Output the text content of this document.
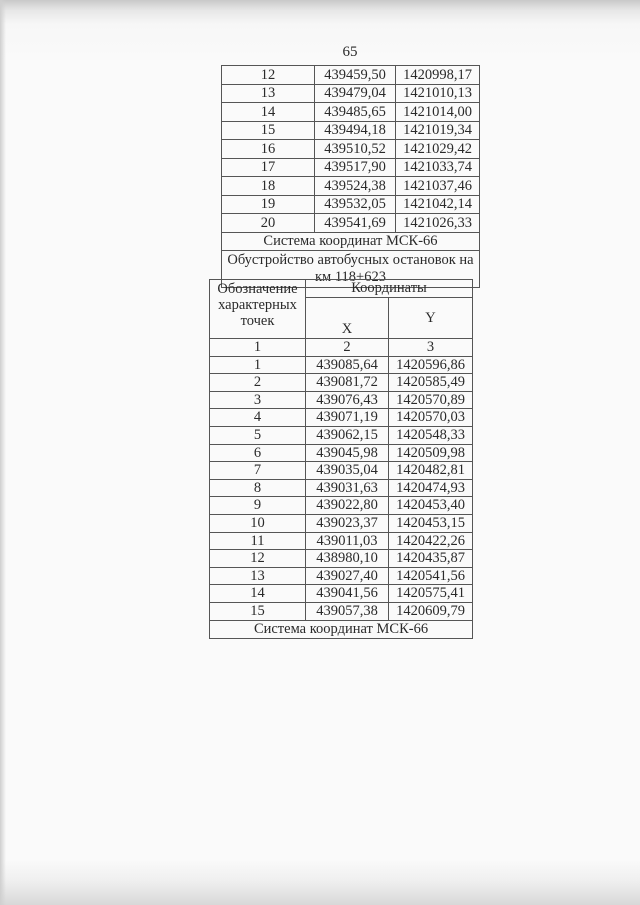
65
12	439459,50	1420998,17
13	439479,04	1421010,13
14	439485,65	1421014,00
15	439494,18	1421019,34
16	439510,52	1421029,42
17	439517,90	1421033,74
18	439524,38	1421037,46
19	439532,05	1421042,14
20	439541,69	1421026,33
Система координат МСК-66		
Обустройство автобусных остановок на км 118+623		
Обозначение характерных точек	Координаты	
	X	Y
1	2	3
1	439085,64	1420596,86
2	439081,72	1420585,49
3	439076,43	1420570,89
4	439071,19	1420570,03
5	439062,15	1420548,33
6	439045,98	1420509,98
7	439035,04	1420482,81
8	439031,63	1420474,93
9	439022,80	1420453,40
10	439023,37	1420453,15
11	439011,03	1420422,26
12	438980,10	1420435,87
13	439027,40	1420541,56
14	439041,56	1420575,41
15	439057,38	1420609,79
Система координат МСК-66		
